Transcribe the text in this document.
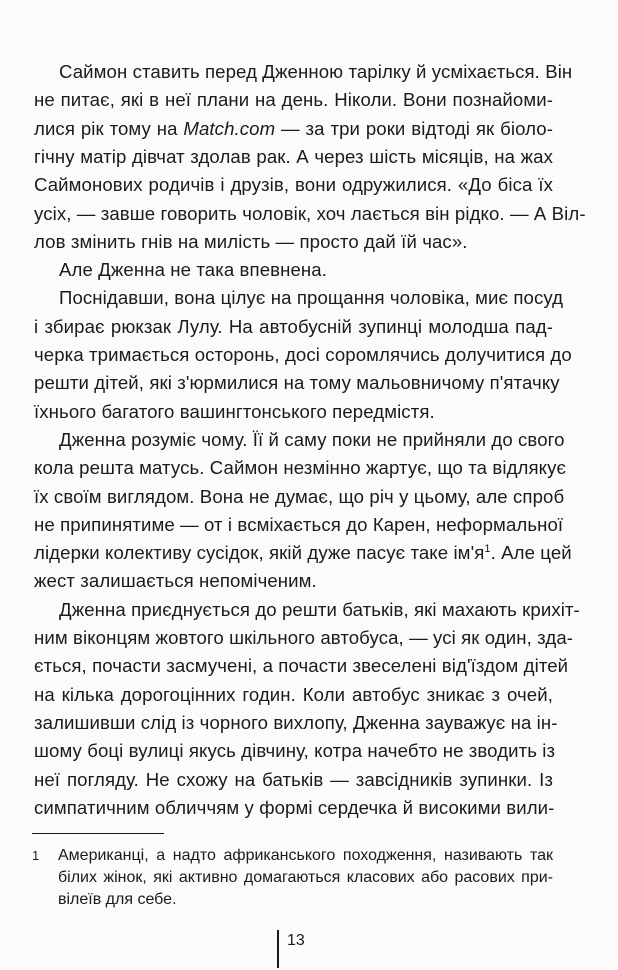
Саймон ставить перед Дженною тарілку й усміхається. Він
не питає, які в неї плани на день. Ніколи. Вони познайоми-
лися рік тому на Match.com — за три роки відтоді як біоло-
гічну матір дівчат здолав рак. А через шість місяців, на жах
Саймонових родичів і друзів, вони одружилися. «До біса їх
усіх, — завше говорить чоловік, хоч лається він рідко. — А Віл-
лов змінить гнів на милість — просто дай їй час».
Але Дженна не така впевнена.
Поснідавши, вона цілує на прощання чоловіка, миє посуд
і збирає рюкзак Лулу. На автобусній зупинці молодша пад-
черка тримається осторонь, досі соромлячись долучитися до
решти дітей, які з'юрмилися на тому мальовничому п'ятачку
їхнього багатого вашингтонського передмістя.
Дженна розуміє чому. Її й саму поки не прийняли до свого
кола решта матусь. Саймон незмінно жартує, що та відлякує
їх своїм виглядом. Вона не думає, що річ у цьому, але спроб
не припинятиме — от і всміхається до Карен, неформальної
лідерки колективу сусідок, якій дуже пасує таке $ім'я^1$. Але цей
жест залишається непоміченим.
Дженна приєднується до решти батьків, які махають крихіт-
ним віконцям жовтого шкільного автобуса, — усі як один, зда-
ється, почасти засмучені, а почасти звеселені від'їздом дітей
на кілька дорогоцінних годин. Коли автобус зникає з очей,
залишивши слід із чорного вихлопу, Дженна зауважує на ін-
шому боці вулиці якусь дівчину, котра начебто не зводить із
неї погляду. Не схожу на батьків — завсідників зупинки. Із
симпатичним обличчям у формі сердечка й високими вили-
1 Американці, а надто африканського походження, називають так
білих жінок, які активно домагаються класових або расових при-
вілеїв для себе.
13
